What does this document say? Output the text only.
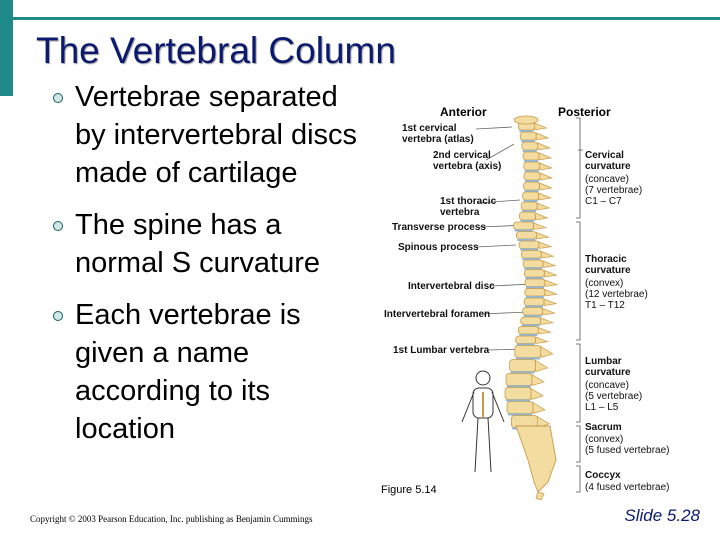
The Vertebral Column
Vertebrae separated by intervertebral discs made of cartilage
The spine has a normal S curvature
Each vertebrae is given a name according to its location
Anterior	Posterior
1st cervical
vertebra (atlas)
2nd cervical
vertebra (axis)
1st thoracic
vertebra
Transverse process
Spinous process
Intervertebral disc
Intervertebral foramen
1st Lumbar vertebra
Cervical
curvature
(concave)
(7 vertebrae)
C1 – C7
Thoracic
curvature
(convex)
(12 vertebrae)
T1 – T12
Lumbar
curvature
(concave)
(5 vertebrae)
L1 – L5
Sacrum
(convex)
(5 fused vertebrae)
Coccyx
(4 fused vertebrae)
Figure 5.14
Copyright © 2003 Pearson Education, Inc. publishing as Benjamin Cummings	Slide 5.28
